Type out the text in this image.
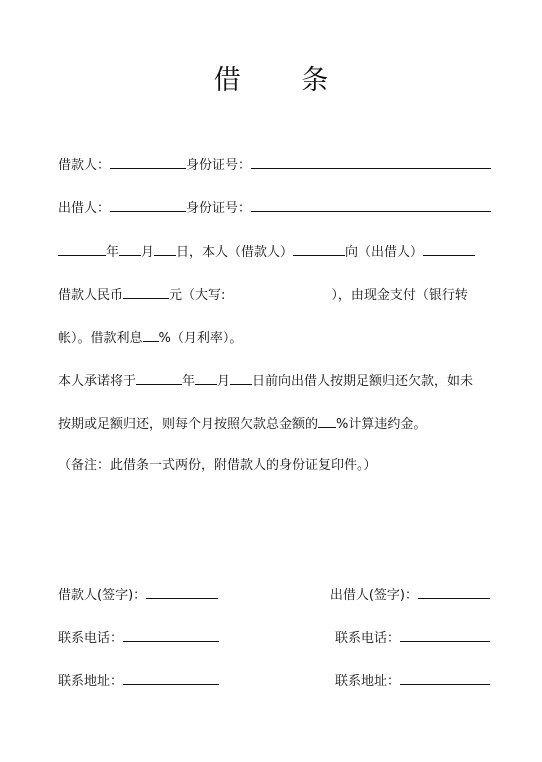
借 条
借款人：	身份证号：
出借人：	身份证号：
年 月 日，本人（借款人）	向（出借人）
借款人民币	元（大写:	），由现金支付（银行转
帐）。借款利息 %（月利率）。
本人承诺将于	年 月 日前向出借人按期足额归还欠款，如未
按期或足额归还，则每个月按照欠款总金额的 %计算违约金。
（备注：此借条一式两份，附借款人的身份证复印件。）
借款人(签字)：	出借人(签字)：
联系电话：	联系电话：
联系地址：	联系地址：
